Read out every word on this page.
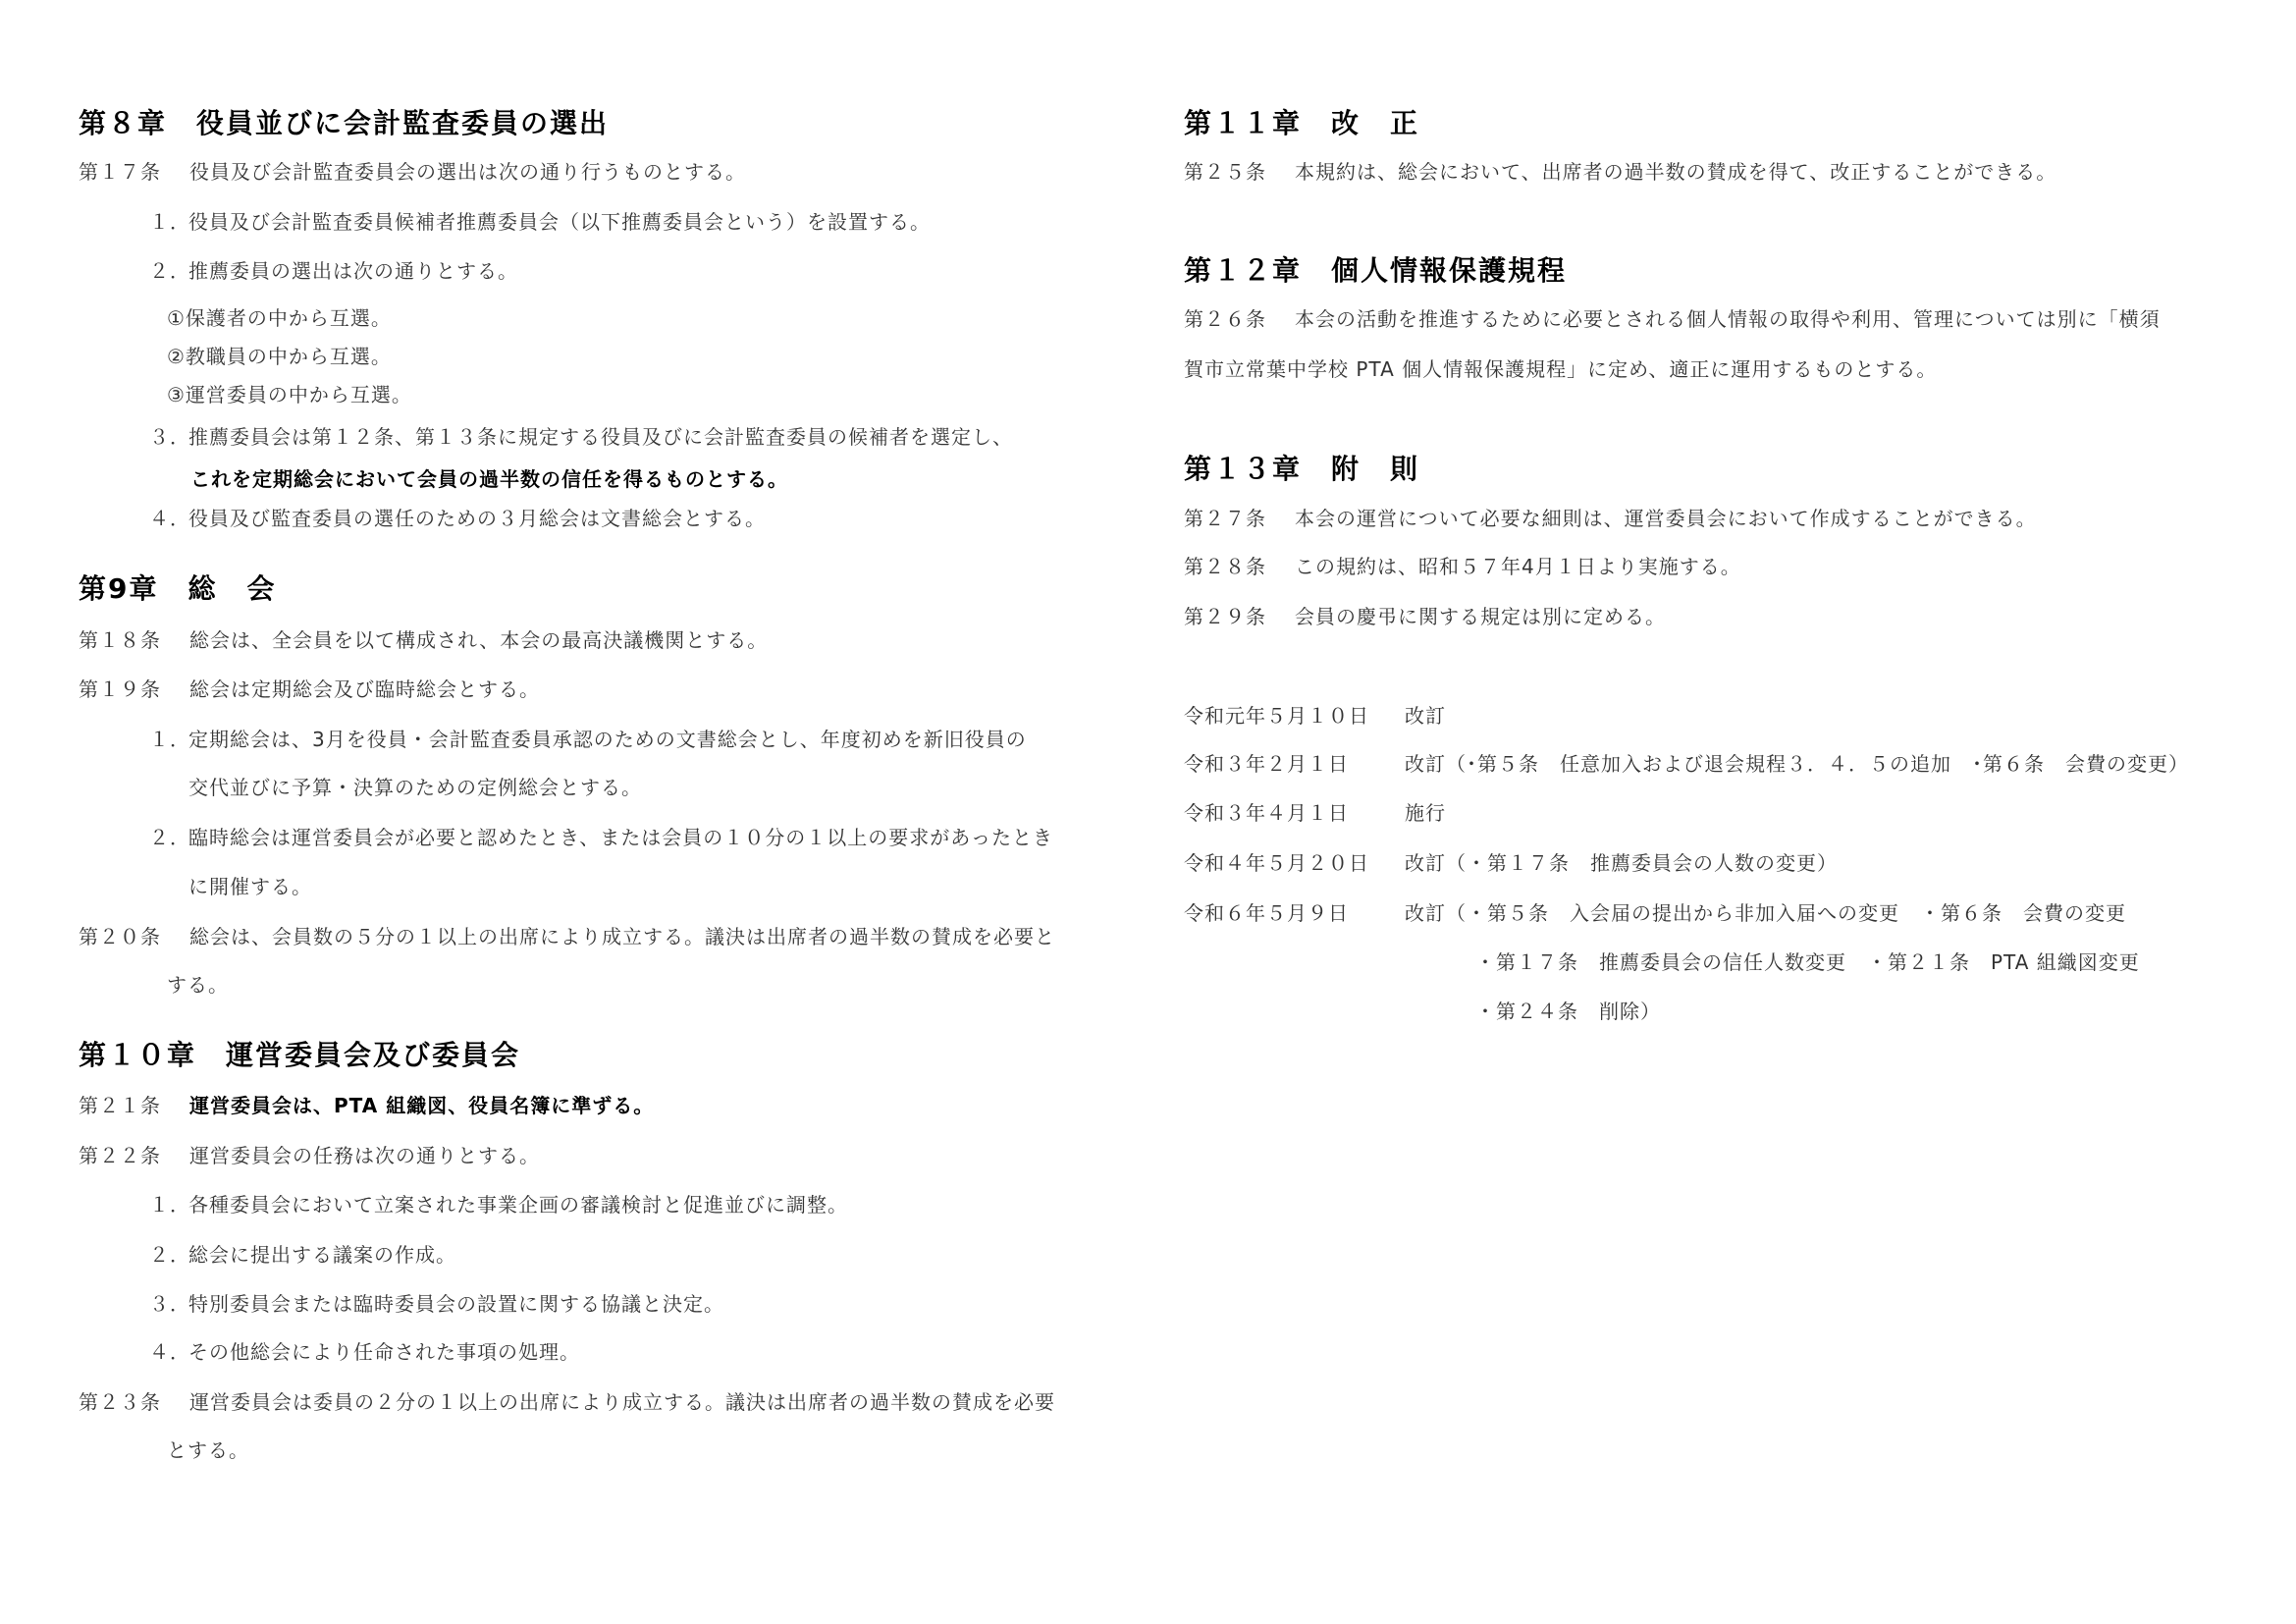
第８章　役員並びに会計監査委員の選出
第１７条 役員及び会計監査委員会の選出は次の通り行うものとする。
１．役員及び会計監査委員候補者推薦委員会（以下推薦委員会という）を設置する。
２．推薦委員の選出は次の通りとする。
①保護者の中から互選。
②教職員の中から互選。
③運営委員の中から互選。
３．推薦委員会は第１２条、第１３条に規定する役員及びに会計監査委員の候補者を選定し、
これを定期総会において会員の過半数の信任を得るものとする。
４．役員及び監査委員の選任のための３月総会は文書総会とする。
第9章　総　会
第１８条 総会は、全会員を以て構成され、本会の最高決議機関とする。
第１９条 総会は定期総会及び臨時総会とする。
１．定期総会は、3月を役員・会計監査委員承認のための文書総会とし、年度初めを新旧役員の
交代並びに予算・決算のための定例総会とする。
２．臨時総会は運営委員会が必要と認めたとき、または会員の１０分の１以上の要求があったとき
に開催する。
第２０条 総会は、会員数の５分の１以上の出席により成立する。議決は出席者の過半数の賛成を必要と
する。
第１０章　運営委員会及び委員会
第２１条 運営委員会は、PTA 組織図、役員名簿に準ずる。
第２２条 運営委員会の任務は次の通りとする。
１．各種委員会において立案された事業企画の審議検討と促進並びに調整。
２．総会に提出する議案の作成。
３．特別委員会または臨時委員会の設置に関する協議と決定。
４．その他総会により任命された事項の処理。
第２３条 運営委員会は委員の２分の１以上の出席により成立する。議決は出席者の過半数の賛成を必要
とする。
第１１章　改　正
第２５条 本規約は、総会において、出席者の過半数の賛成を得て、改正することができる。
第１２章　個人情報保護規程
第２６条 本会の活動を推進するために必要とされる個人情報の取得や利用、管理については別に「横須
賀市立常葉中学校 PTA 個人情報保護規程」に定め、適正に運用するものとする。
第１３章　附　則
第２７条 本会の運営について必要な細則は、運営委員会において作成することができる。
第２８条 この規約は、昭和５７年4月１日より実施する。
第２９条 会員の慶弔に関する規定は別に定める。
令和元年５月１０日 改訂
令和３年２月１日	改訂（･第５条　任意加入および退会規程３．４．５の追加　･第６条　会費の変更）
令和３年４月１日	施行
令和４年５月２０日 改訂（・第１７条　推薦委員会の人数の変更）
令和６年５月９日	改訂（・第５条　入会届の提出から非加入届への変更　・第６条　会費の変更
・第１７条　推薦委員会の信任人数変更　・第２１条　PTA 組織図変更
・第２４条　削除）
